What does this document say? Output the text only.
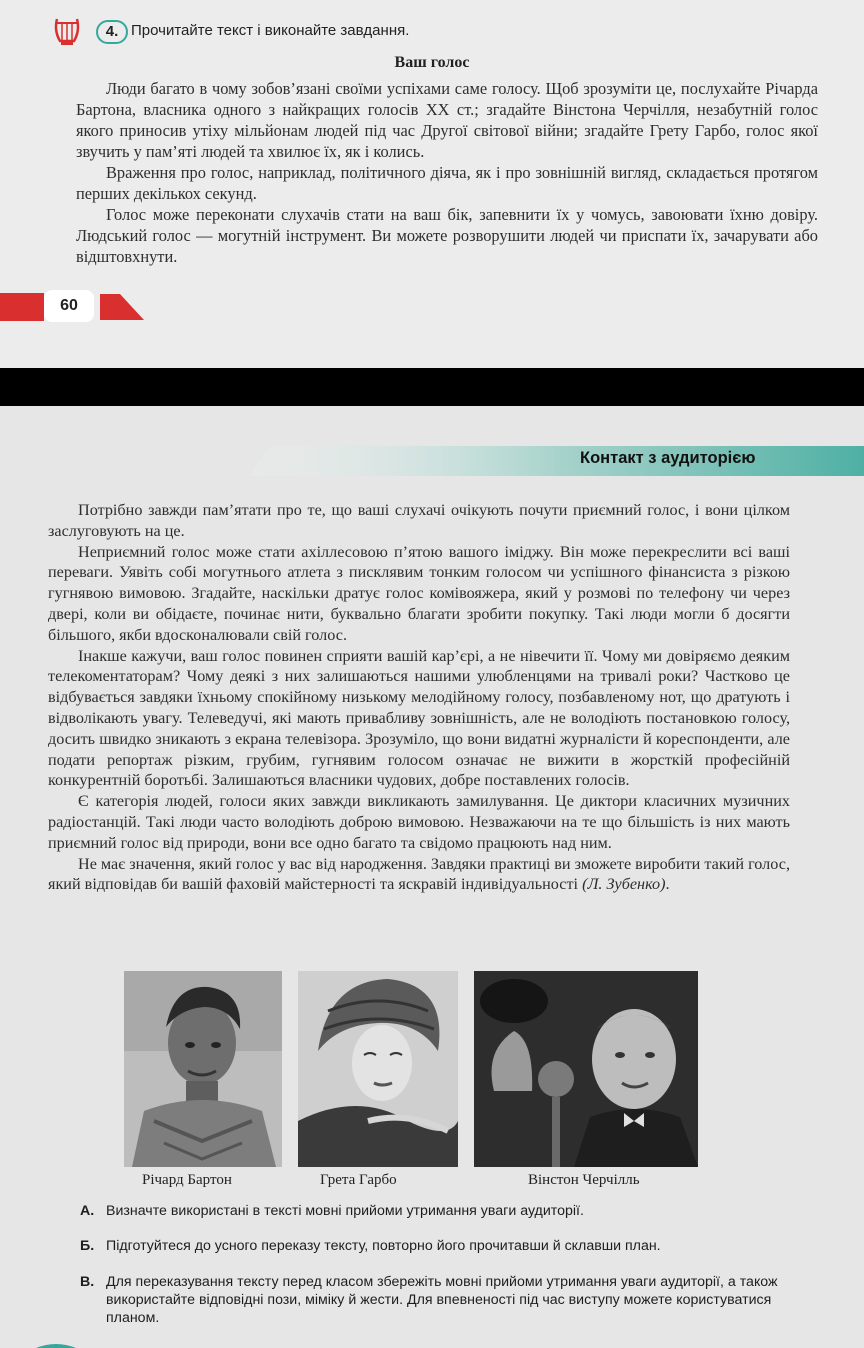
4. Прочитайте текст і виконайте завдання.
Ваш голос

Люди багато в чому зобов’язані своїми успіхами саме голосу. Щоб зрозуміти це, послухайте Річарда Бартона, власника одного з найкращих голосів ХХ ст.; згадайте Вінстона Черчілля, незабутній голос якого приносив утіху мільйонам людей під час Другої світової війни; згадайте Грету Гарбо, голос якої звучить у пам’яті людей та хвилює їх, як і колись.

Враження про голос, наприклад, політичного діяча, як і про зовнішній вигляд, складається протягом перших декількох секунд.

Голос може переконати слухачів стати на ваш бік, запевнити їх у чомусь, завоювати їхню довіру. Людський голос — могутній інструмент. Ви можете розворушити людей чи приспати їх, зачарувати або відштовхнути.

60
Контакт з аудиторією

Потрібно завжди пам’ятати про те, що ваші слухачі очікують почути приємний голос, і вони цілком заслуговують на це.

Неприємний голос може стати ахіллесовою п’ятою вашого іміджу. Він може перекреслити всі ваші переваги. Уявіть собі могутнього атлета з писклявим тонким голосом чи успішного фінансиста з різкою гугнявою вимовою. Згадайте, наскільки дратує голос комівояжера, який у розмові по телефону чи через двері, коли ви обідаєте, починає нити, буквально благати зробити покупку. Такі люди могли б досягти більшого, якби вдосконалювали свій голос.

Інакше кажучи, ваш голос повинен сприяти вашій кар’єрі, а не нівечити її. Чому ми довіряємо деяким телекоментаторам? Чому деякі з них залишаються нашими улюбленцями на тривалі роки? Частково це відбувається завдяки їхньому спокійному низькому мелодійному голосу, позбавленому нот, що дратують і відволікають увагу. Телеведучі, які мають привабливу зовнішність, але не володіють постановкою голосу, досить швидко зникають з екрана телевізора. Зрозуміло, що вони видатні журналісти й кореспонденти, але подати репортаж різким, грубим, гугнявим голосом означає не вижити в жорсткій професійній конкурентній боротьбі. Залишаються власники чудових, добре поставлених голосів.

Є категорія людей, голоси яких завжди викликають замилування. Це диктори класичних музичних радіостанцій. Такі люди часто володіють доброю вимовою. Незважаючи на те що більшість із них мають приємний голос від природи, вони все одно багато та свідомо працюють над ним.

Не має значення, який голос у вас від народження. Завдяки практиці ви зможете виробити такий голос, який відповідав би вашій фаховій майстерності та яскравій індивідуальності (Л. Зубенко).

Річард Бартон	Грета Гарбо	Вінстон Черчілль
А. Визначте використані в тексті мовні прийоми утримання уваги аудиторії.
Б. Підготуйтеся до усного переказу тексту, повторно його прочитавши й склавши план.
В. Для переказування тексту перед класом збережіть мовні прийоми утримання уваги аудиторії, а також використайте відповідні пози, міміку й жести. Для впевненості під час виступу можете користуватися планом.
